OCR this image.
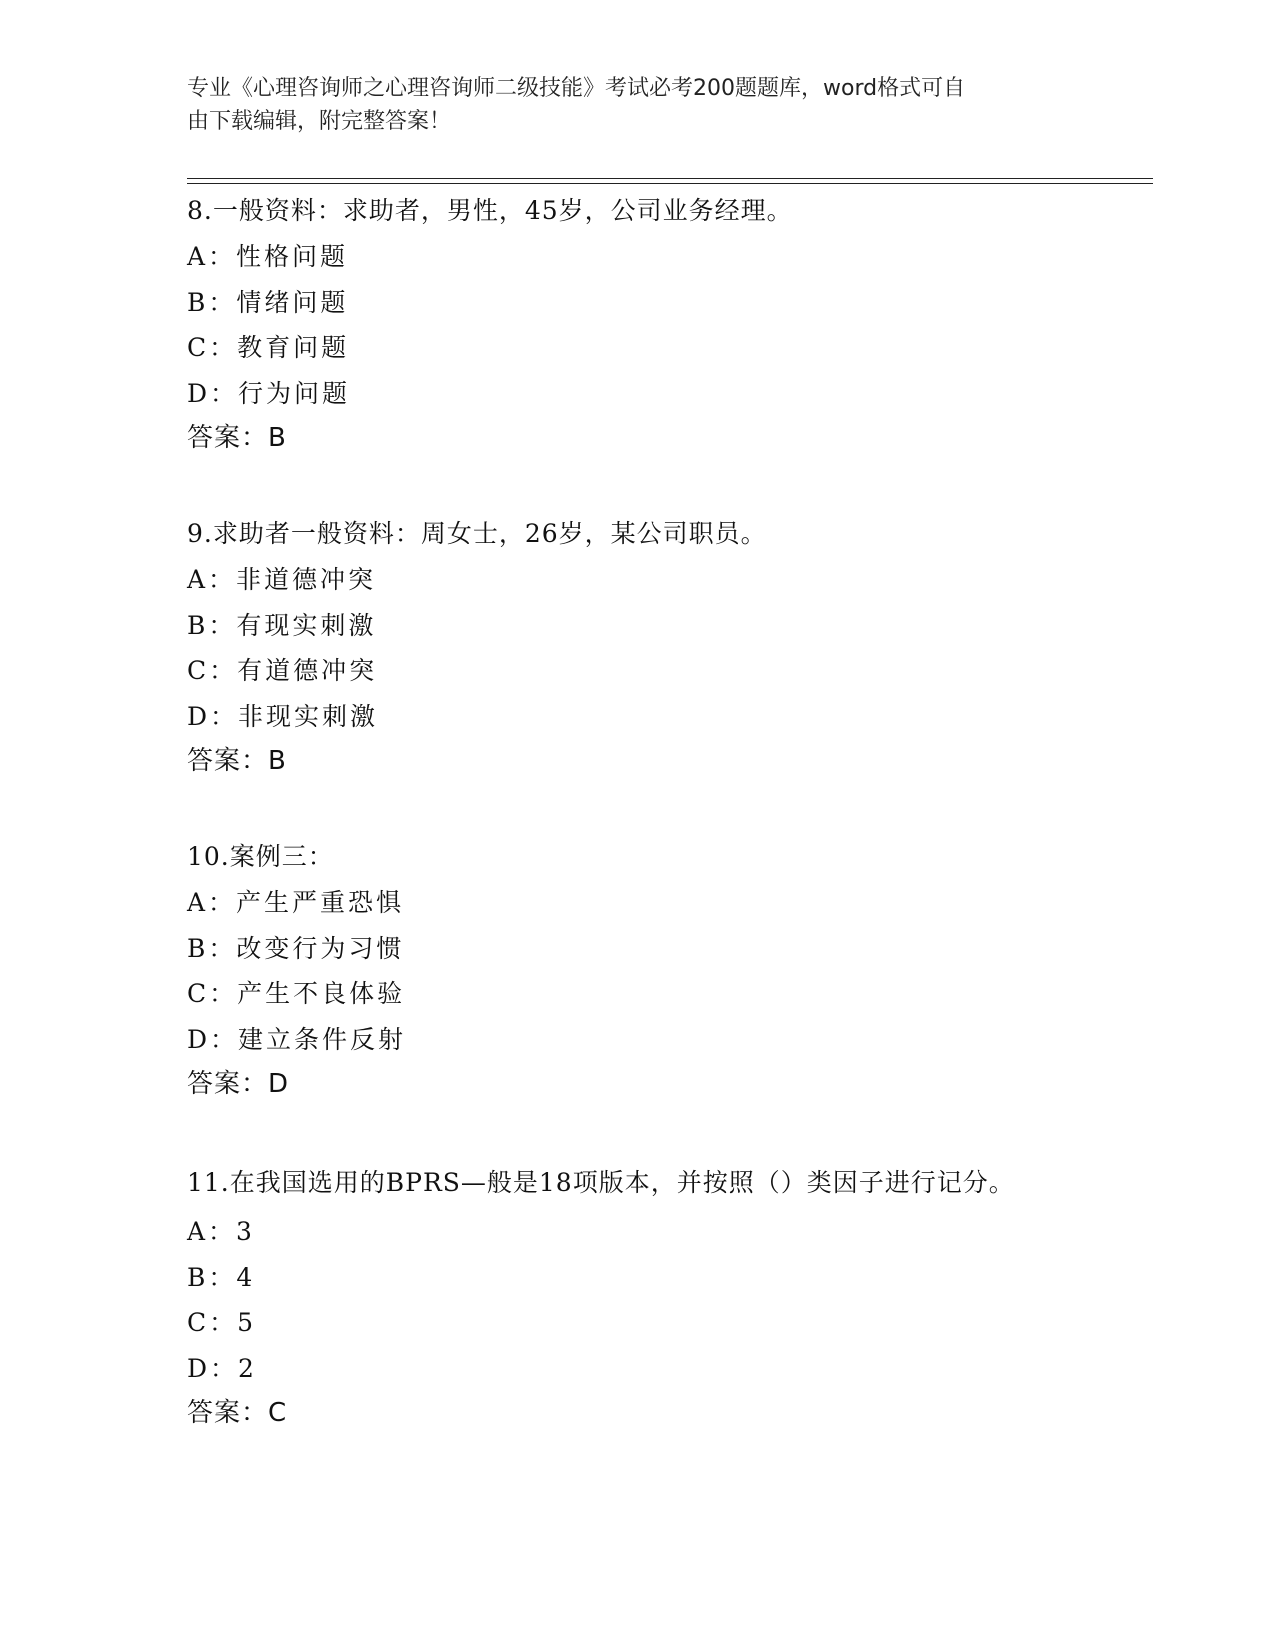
专业《心理咨询师之心理咨询师二级技能》考试必考200题题库，word格式可自
由下载编辑，附完整答案！
8.一般资料：求助者，男性，45岁，公司业务经理。
A：性格问题
B：情绪问题
C：教育问题
D：行为问题
答案：B
9.求助者一般资料：周女士，26岁，某公司职员。
A：非道德冲突
B：有现实刺激
C：有道德冲突
D：非现实刺激
答案：B
10.案例三：
A：产生严重恐惧
B：改变行为习惯
C：产生不良体验
D：建立条件反射
答案：D
11.在我国选用的BPRS—般是18项版本，并按照（）类因子进行记分。
A：3
B：4
C：5
D：2
答案：C
